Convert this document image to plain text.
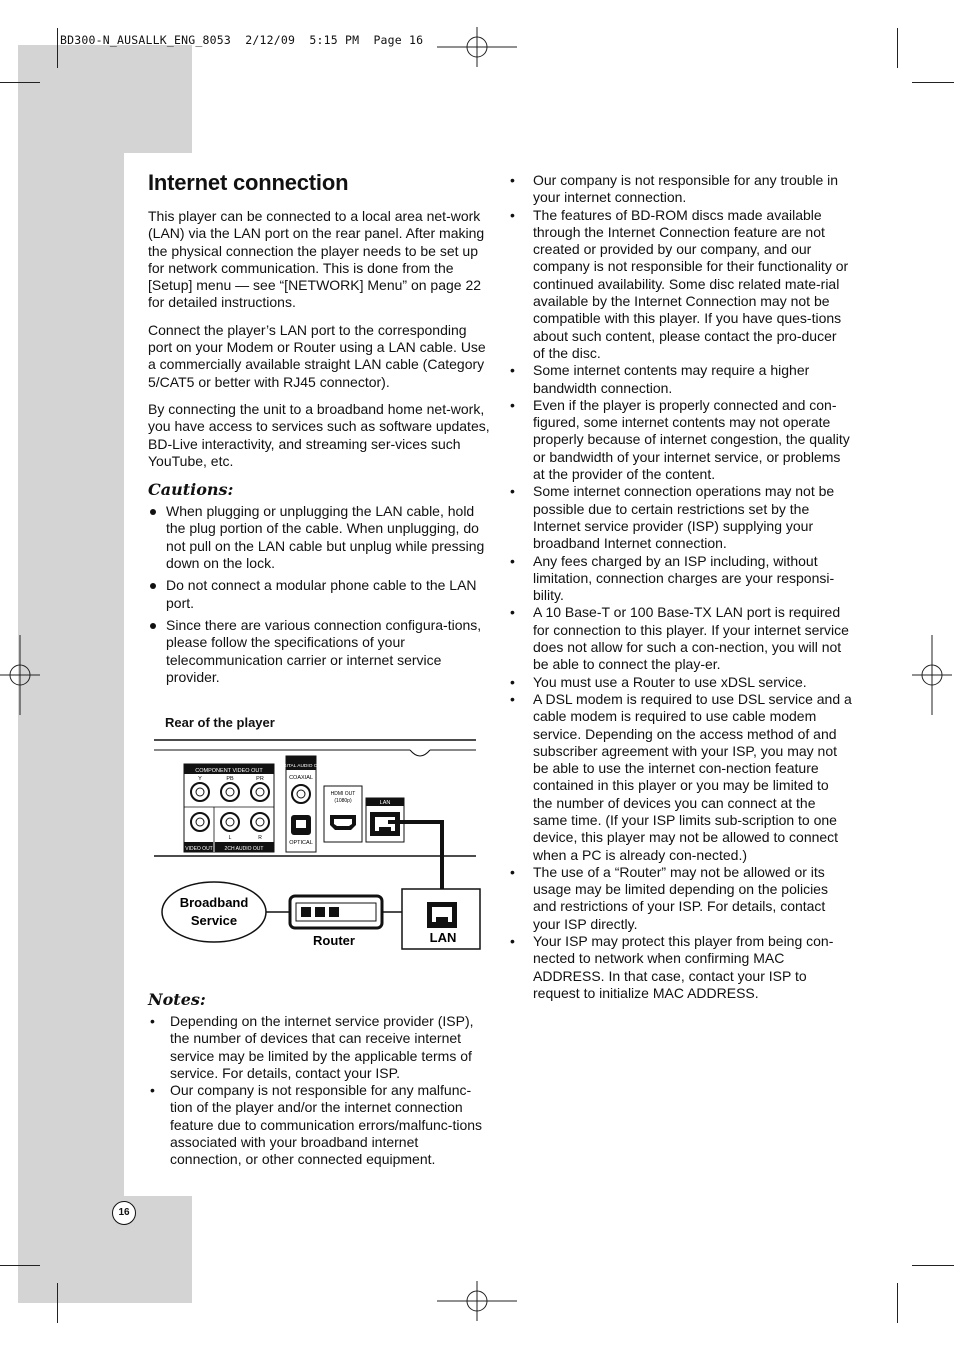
BD300-N_AUSALLK_ENG_8053  2/12/09  5:15 PM  Page 16
Internet connection

This player can be connected to a local area net-work (LAN) via the LAN port on the rear panel. After making the physical connection the player needs to be set up for network communication. This is done from the [Setup] menu — see “[NETWORK] Menu” on page 22 for detailed instructions.

Connect the player’s LAN port to the corresponding port on your Modem or Router using a LAN cable. Use a commercially available straight LAN cable (Category 5/CAT5 or better with RJ45 connector).

By connecting the unit to a broadband home net-work, you have access to services such as software updates, BD-Live interactivity, and streaming ser-vices such YouTube, etc.

Cautions:
When plugging or unplugging the LAN cable, hold the plug portion of the cable. When unplugging, do not pull on the LAN cable but unplug while pressing down on the lock.
Do not connect a modular phone cable to the LAN port.
Since there are various connection configura-tions, please follow the specifications of your telecommunication carrier or internet service provider.
Rear of the player
COMPONENT VIDEO OUT
Y	PB	PR
L	R
VIDEO OUT 2CH AUDIO OUT
DIGITAL AUDIO OUT
COAXIAL
OPTICAL
HDMI OUT
(1080p)	LAN
Broadband
Service
Router	LAN
Notes:
• Depending on the internet service provider (ISP), the number of devices that can receive internet service may be limited by the applicable terms of service. For details, contact your ISP.
• Our company is not responsible for any malfunc-tion of the player and/or the internet connection feature due to communication errors/malfunc-tions associated with your broadband internet connection, or other connected equipment.
• Our company is not responsible for any trouble in your internet connection.
• The features of BD-ROM discs made available through the Internet Connection feature are not created or provided by our company, and our company is not responsible for their functionality or continued availability. Some disc related mate-rial available by the Internet Connection may not be compatible with this player. If you have ques-tions about such content, please contact the pro-ducer of the disc.
• Some internet contents may require a higher bandwidth connection.
• Even if the player is properly connected and con-figured, some internet contents may not operate properly because of internet congestion, the quality or bandwidth of your internet service, or problems at the provider of the content.
• Some internet connection operations may not be possible due to certain restrictions set by the Internet service provider (ISP) supplying your broadband Internet connection.
• Any fees charged by an ISP including, without limitation, connection charges are your responsi-bility.
• A 10 Base-T or 100 Base-TX LAN port is required for connection to this player. If your internet service does not allow for such a con-nection, you will not be able to connect the play-er.
• You must use a Router to use xDSL service.
• A DSL modem is required to use DSL service and a cable modem is required to use cable modem service. Depending on the access method of and subscriber agreement with your ISP, you may not be able to use the internet con-nection feature contained in this player or you may be limited to the number of devices you can connect at the same time. (If your ISP limits sub-scription to one device, this player may not be allowed to connect when a PC is already con-nected.)
• The use of a “Router” may not be allowed or its usage may be limited depending on the policies and restrictions of your ISP. For details, contact your ISP directly.
• Your ISP may protect this player from being con-nected to network when confirming MAC ADDRESS. In that case, contact your ISP to request to initialize MAC ADDRESS.
16
